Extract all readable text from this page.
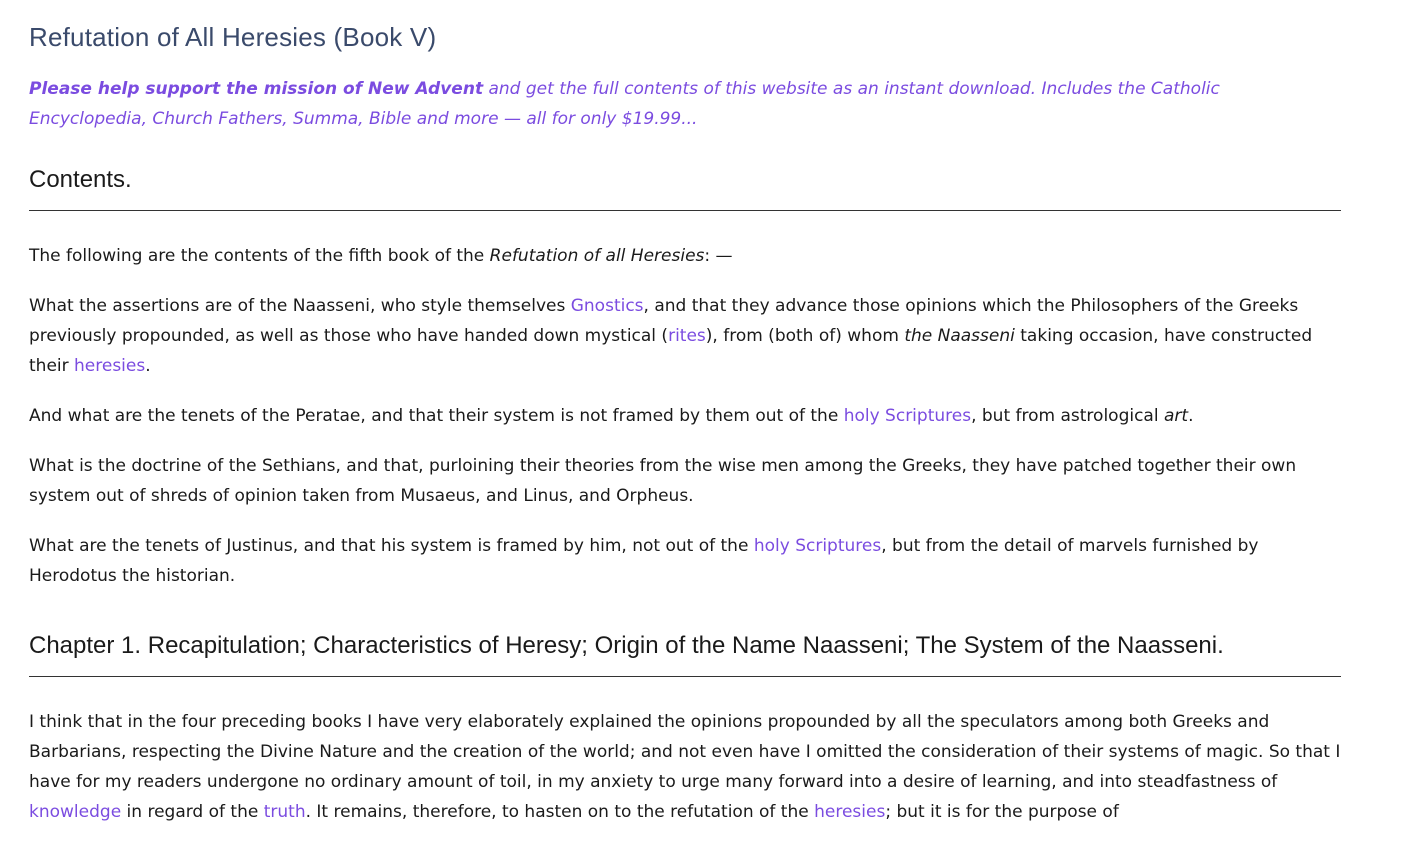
Refutation of All Heresies (Book V)
Please help support the mission of New Advent and get the full contents of this website as an instant download. Includes the Catholic Encyclopedia, Church Fathers, Summa, Bible and more — all for only $19.99...
Contents.

The following are the contents of the fifth book of the Refutation of all Heresies: —

What the assertions are of the Naasseni, who style themselves Gnostics, and that they advance those opinions which the Philosophers of the Greeks previously propounded, as well as those who have handed down mystical (rites), from (both of) whom the Naasseni taking occasion, have constructed their heresies.

And what are the tenets of the Peratae, and that their system is not framed by them out of the holy Scriptures, but from astrological art.

What is the doctrine of the Sethians, and that, purloining their theories from the wise men among the Greeks, they have patched together their own system out of shreds of opinion taken from Musaeus, and Linus, and Orpheus.

What are the tenets of Justinus, and that his system is framed by him, not out of the holy Scriptures, but from the detail of marvels furnished by Herodotus the historian.

Chapter 1. Recapitulation; Characteristics of Heresy; Origin of the Name Naasseni; The System of the Naasseni.

I think that in the four preceding books I have very elaborately explained the opinions propounded by all the speculators among both Greeks and Barbarians, respecting the Divine Nature and the creation of the world; and not even have I omitted the consideration of their systems of magic. So that I have for my readers undergone no ordinary amount of toil, in my anxiety to urge many forward into a desire of learning, and into steadfastness of knowledge in regard of the truth. It remains, therefore, to hasten on to the refutation of the heresies; but it is for the purpose of
